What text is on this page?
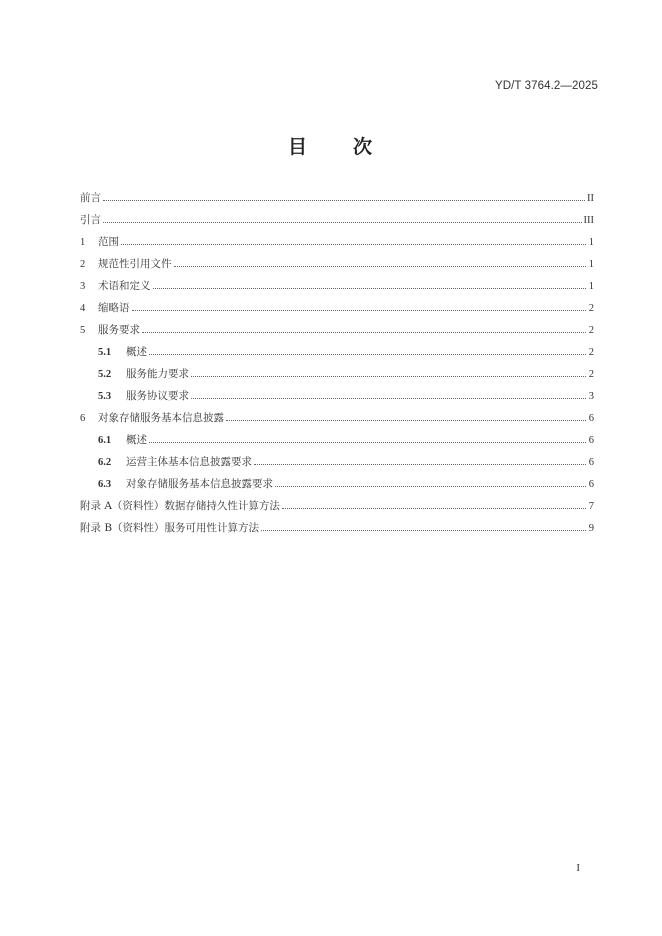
YD/T 3764.2—2025
目 次
前言	II
引言	III
1	范围	1
2	规范性引用文件	1
3	术语和定义	1
4	缩略语	2
5	服务要求	2
5.1	概述	2
5.2	服务能力要求	2
5.3	服务协议要求	3
6	对象存储服务基本信息披露	6
6.1	概述	6
6.2	运营主体基本信息披露要求	6
6.3	对象存储服务基本信息披露要求	6
附录 A（资料性）数据存储持久性计算方法	7
附录 B（资料性）服务可用性计算方法	9
I
